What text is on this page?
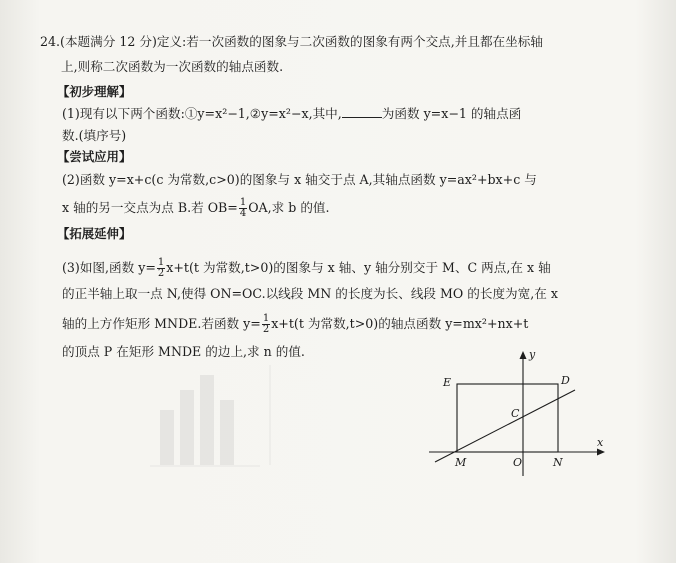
24.(本题满分 12 分)定义:若一次函数的图象与二次函数的图象有两个交点,并且都在坐标轴
上,则称二次函数为一次函数的轴点函数.
【初步理解】
(1)现有以下两个函数:①y=x²−1,②y=x²−x,其中,	为函数 y=x−1 的轴点函
数.(填序号)
【尝试应用】
(2)函数 y=x+c(c 为常数,c>0)的图象与 x 轴交于点 A,其轴点函数 y=ax²+bx+c 与
x 轴的另一交点为点 B.若 $OB= \frac{1}{4}$ OA,求 b 的值.
【拓展延伸】
(3)如图,函数 $y= \frac{1}{2} x+t(t$ 为常数,t>0)的图象与 x 轴、y 轴分别交于 M、C 两点,在 x 轴
的正半轴上取一点 N,使得 ON=OC.以线段 MN 的长度为长、线段 MO 的长度为宽,在 x
轴的上方作矩形 MNDE.若函数 $y= \frac{1}{2} x+t(t$ 为常数,t>0)的轴点函数 y=mx²+nx+t
的顶点 P 在矩形 MNDE 的边上,求 n 的值.
E	D
C
M	O	N
x
y
